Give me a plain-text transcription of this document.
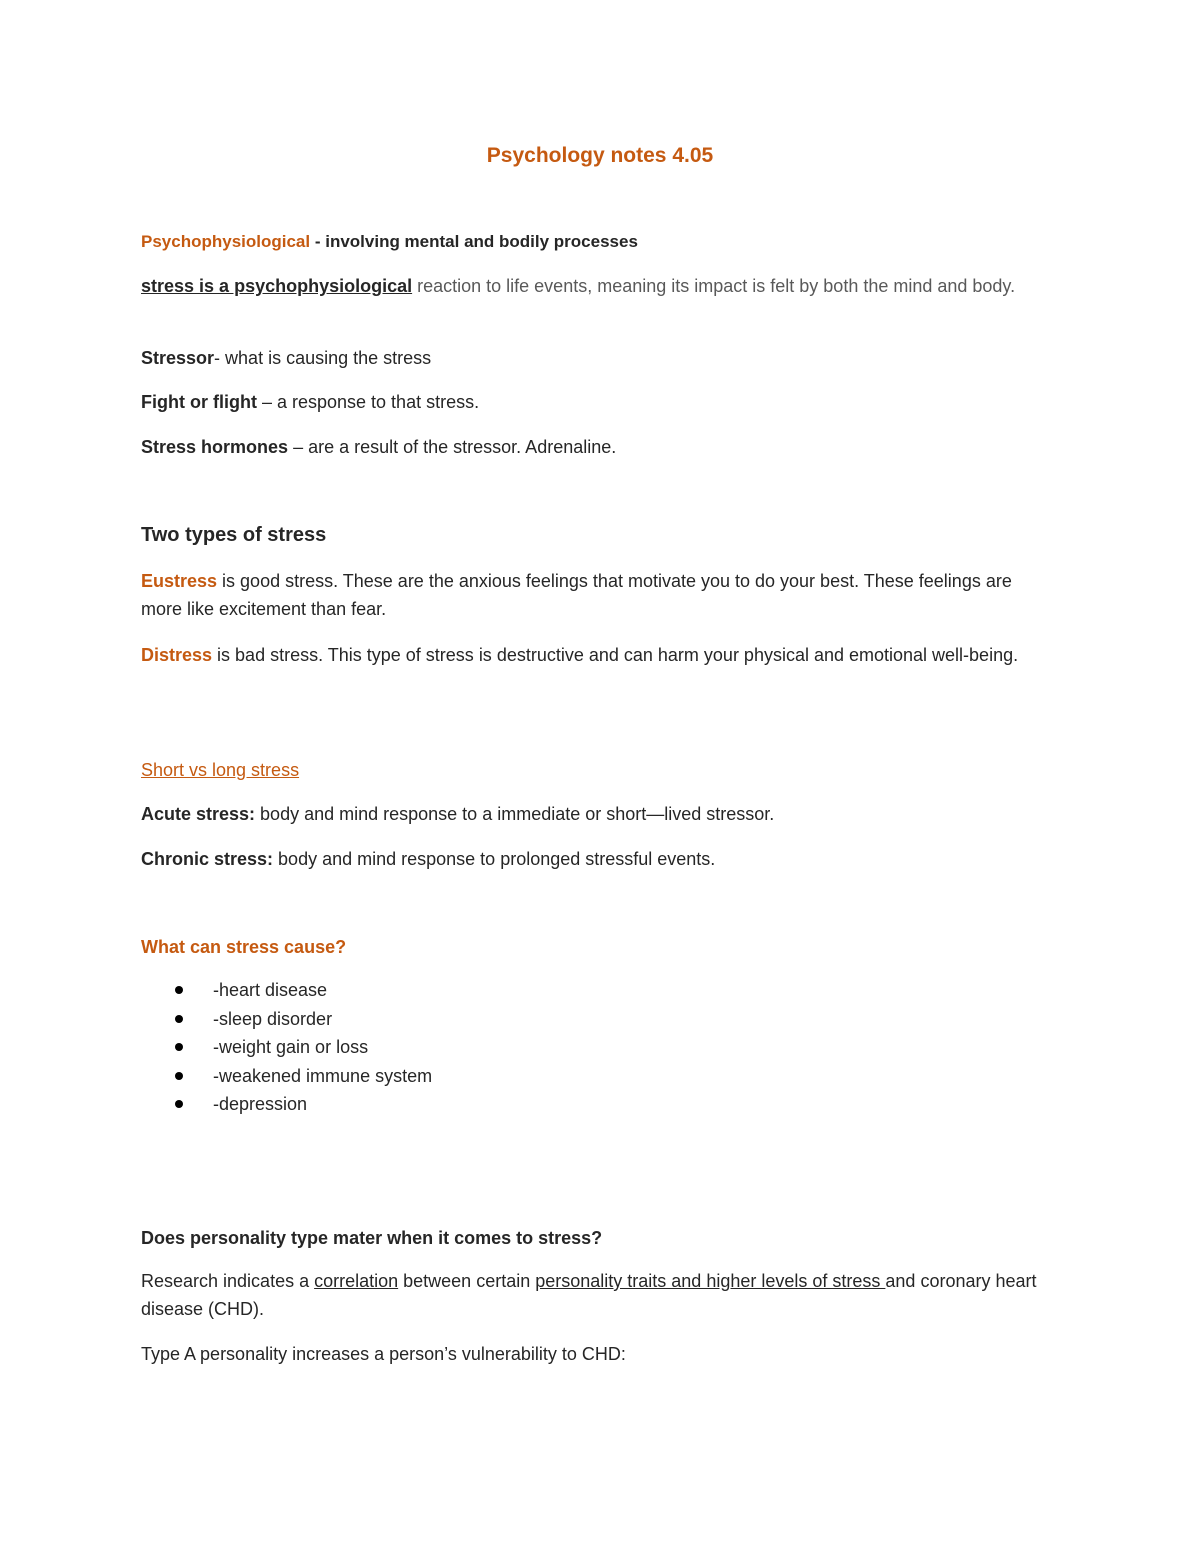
Psychology notes 4.05
Psychophysiological - involving mental and bodily processes
stress is a psychophysiological reaction to life events, meaning its impact is felt by both the mind and body.
Stressor- what is causing the stress
Fight or flight – a response to that stress.
Stress hormones – are a result of the stressor. Adrenaline.
Two types of stress
Eustress is good stress. These are the anxious feelings that motivate you to do your best. These feelings are more like excitement than fear.
Distress is bad stress. This type of stress is destructive and can harm your physical and emotional well-being.
Short vs long stress
Acute stress: body and mind response to a immediate or short—lived stressor.
Chronic stress: body and mind response to prolonged stressful events.
What can stress cause?
-heart disease
-sleep disorder
-weight gain or loss
-weakened immune system
-depression
Does personality type mater when it comes to stress?
Research indicates a correlation between certain personality traits and higher levels of stress and coronary heart disease (CHD).
Type A personality increases a person’s vulnerability to CHD:
